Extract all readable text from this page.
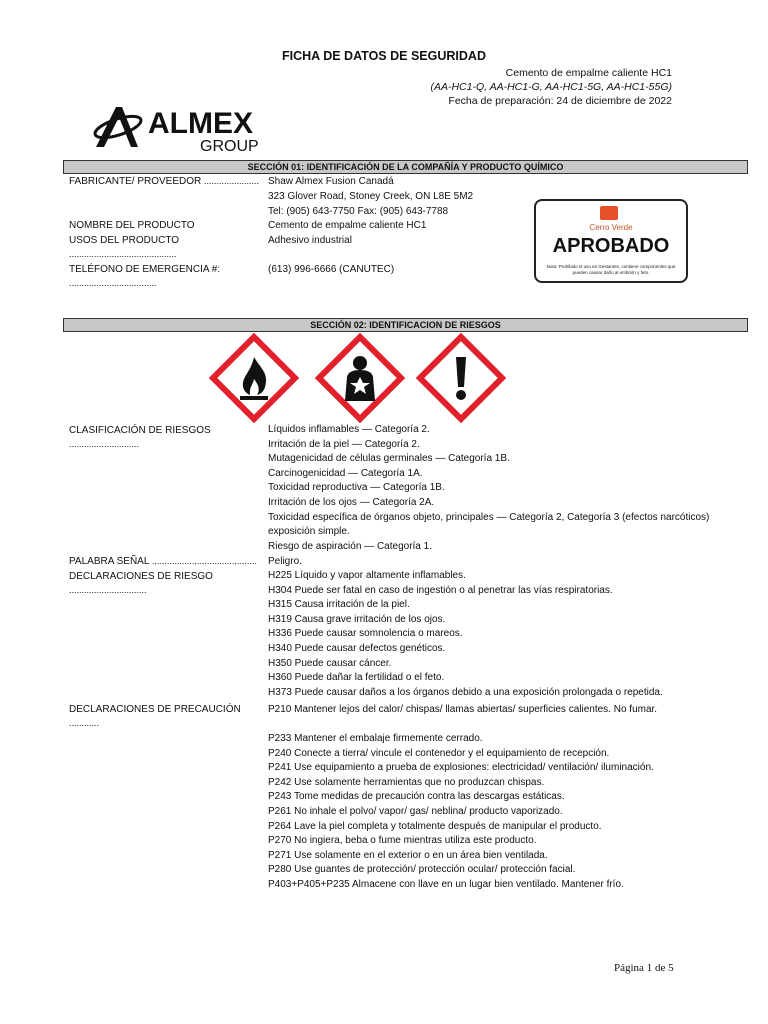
FICHA DE DATOS DE SEGURIDAD
Cemento de empalme caliente HC1
(AA-HC1-Q, AA-HC1-G, AA-HC1-5G, AA-HC1-55G)
Fecha de preparación: 24 de diciembre de 2022
ALMEX
GROUP
SECCIÓN 01: IDENTIFICACIÓN DE LA COMPAÑÍA Y PRODUCTO QUÍMICO
FABRICANTE/ PROVEEDOR ...................... Shaw Almex Fusion Canadá
323 Glover Road, Stoney Creek, ON L8E 5M2
Tel: (905) 643-7750 Fax: (905) 643-7788
NOMBRE DEL PRODUCTO	Cemento de empalme caliente HC1
USOS DEL PRODUCTO	Adhesivo industrial
...........................................
TELÉFONO DE EMERGENCIA #:	(613) 996-6666 (CANUTEC)
...................................
Cerro Verde
APROBADO
Nota: Prohibido el uso en Gestantes, contiene componentes que pueden causar daño al embrión y feto.
SECCIÓN 02: IDENTIFICACION DE RIESGOS
CLASIFICACIÓN DE RIESGOS
............................
Líquidos inflamables — Categoría 2.
Irritación de la piel — Categoría 2.
Mutagenicidad de células germinales — Categoría 1B.
Carcinogenicidad — Categoría 1A.
Toxicidad reproductiva — Categoría 1B.
Irritación de los ojos — Categoría 2A.
Toxicidad específica de órganos objeto, principales — Categoría 2, Categoría 3 (efectos narcóticos)
exposición simple.
Riesgo de aspiración — Categoría 1.
PALABRA SEÑAL .......................................... Peligro.
DECLARACIONES DE RIESGO
...............................
H225 Líquido y vapor altamente inflamables.
H304 Puede ser fatal en caso de ingestión o al penetrar las vías respiratorias.
H315 Causa irritación de la piel.
H319 Causa grave irritación de los ojos.
H336 Puede causar somnolencia o mareos.
H340 Puede causar defectos genéticos.
H350 Puede causar cáncer.
H360 Puede dañar la fertilidad o el feto.
H373 Puede causar daños a los órganos debido a una exposición prolongada o repetida.
DECLARACIONES DE PRECAUCIÓN
............
P210 Mantener lejos del calor/ chispas/ llamas abiertas/ superficies calientes. No fumar.
P233 Mantener el embalaje firmemente cerrado.
P240 Conecte a tierra/ vincule el contenedor y el equipamiento de recepción.
P241 Use equipamiento a prueba de explosiones: electricidad/ ventilación/ iluminación.
P242 Use solamente herramientas que no produzcan chispas.
P243 Tome medidas de precaución contra las descargas estáticas.
P261 No inhale el polvo/ vapor/ gas/ neblina/ producto vaporizado.
P264 Lave la piel completa y totalmente después de manipular el producto.
P270 No ingiera, beba o fume mientras utiliza este producto.
P271 Use solamente en el exterior o en un área bien ventilada.
P280 Use guantes de protección/ protección ocular/ protección facial.
P403+P405+P235 Almacene con llave en un lugar bien ventilado. Mantener frío.
Página 1 de 5
